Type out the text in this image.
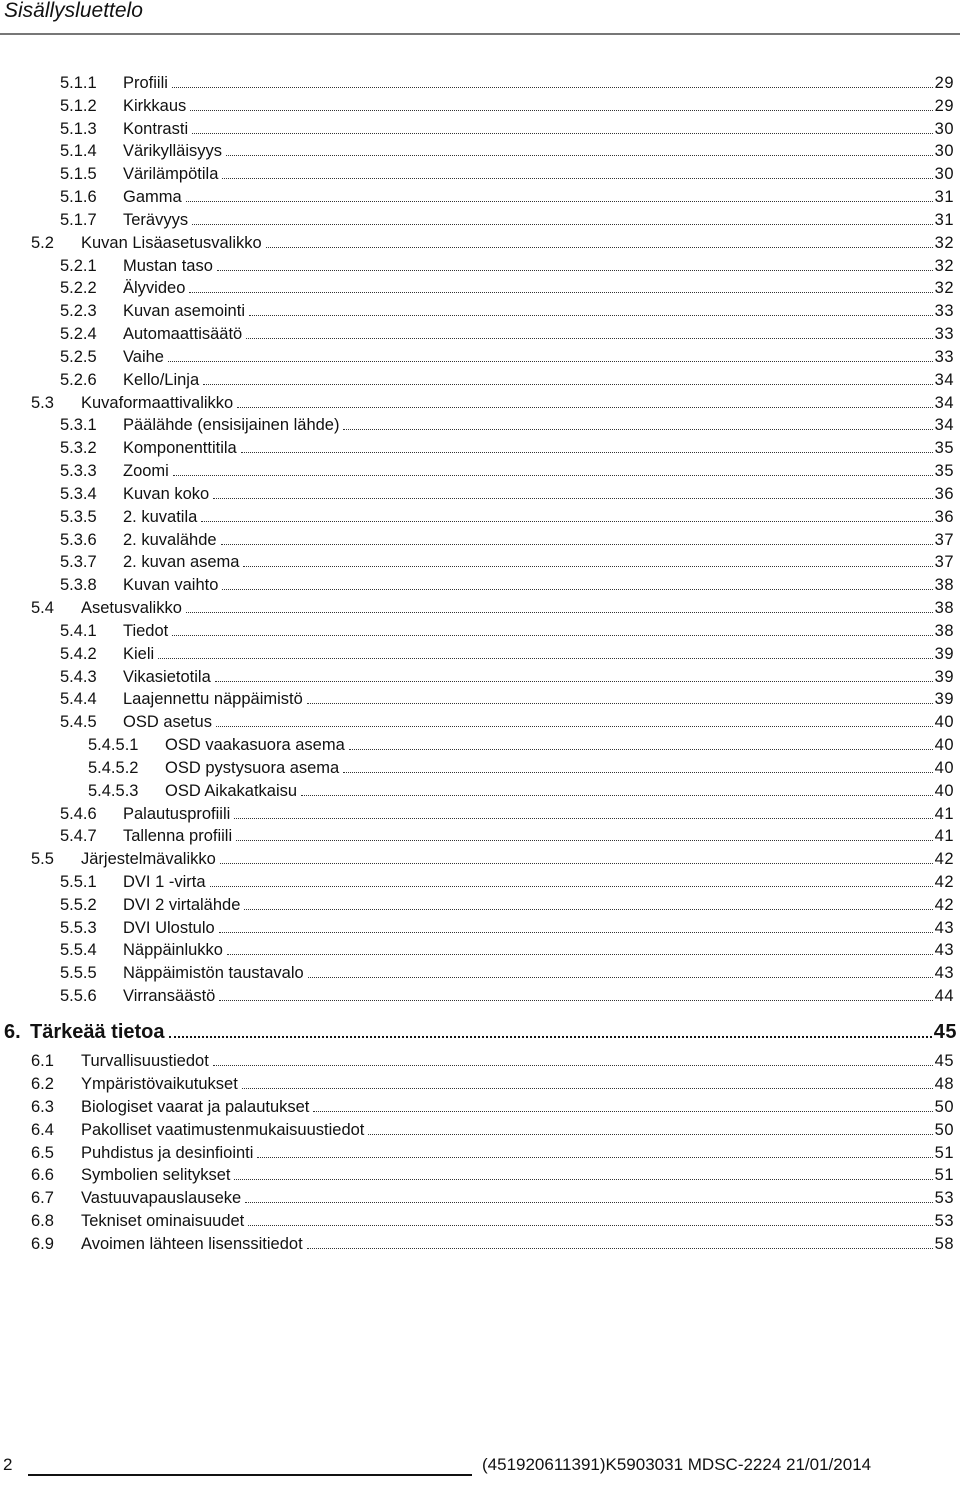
Sisällysluettelo
5.1.1	Profiili	29
5.1.2	Kirkkaus	29
5.1.3	Kontrasti	30
5.1.4	Värikylläisyys	30
5.1.5	Värilämpötila	30
5.1.6	Gamma	31
5.1.7	Terävyys	31
5.2	Kuvan Lisäasetusvalikko	32
5.2.1	Mustan taso	32
5.2.2	Älyvideo	32
5.2.3	Kuvan asemointi	33
5.2.4	Automaattisäätö	33
5.2.5	Vaihe	33
5.2.6	Kello/Linja	34
5.3	Kuvaformaattivalikko	34
5.3.1	Päälähde (ensisijainen lähde)	34
5.3.2	Komponenttitila	35
5.3.3	Zoomi	35
5.3.4	Kuvan koko	36
5.3.5	2. kuvatila	36
5.3.6	2. kuvalähde	37
5.3.7	2. kuvan asema	37
5.3.8	Kuvan vaihto	38
5.4	Asetusvalikko	38
5.4.1	Tiedot	38
5.4.2	Kieli	39
5.4.3	Vikasietotila	39
5.4.4	Laajennettu näppäimistö	39
5.4.5	OSD asetus	40
5.4.5.1	OSD vaakasuora asema	40
5.4.5.2	OSD pystysuora asema	40
5.4.5.3	OSD Aikakatkaisu	40
5.4.6	Palautusprofiili	41
5.4.7	Tallenna profiili	41
5.5	Järjestelmävalikko	42
5.5.1	DVI 1 -virta	42
5.5.2	DVI 2 virtalähde	42
5.5.3	DVI Ulostulo	43
5.5.4	Näppäinlukko	43
5.5.5	Näppäimistön taustavalo	43
5.5.6	Virransäästö	44
6. Tärkeää tietoa	45
6.1	Turvallisuustiedot	45
6.2	Ympäristövaikutukset	48
6.3	Biologiset vaarat ja palautukset	50
6.4	Pakolliset vaatimustenmukaisuustiedot	50
6.5	Puhdistus ja desinfiointi	51
6.6	Symbolien selitykset	51
6.7	Vastuuvapauslauseke	53
6.8	Tekniset ominaisuudet	53
6.9	Avoimen lähteen lisenssitiedot	58
2	(451920611391)K5903031 MDSC-2224 21/01/2014
